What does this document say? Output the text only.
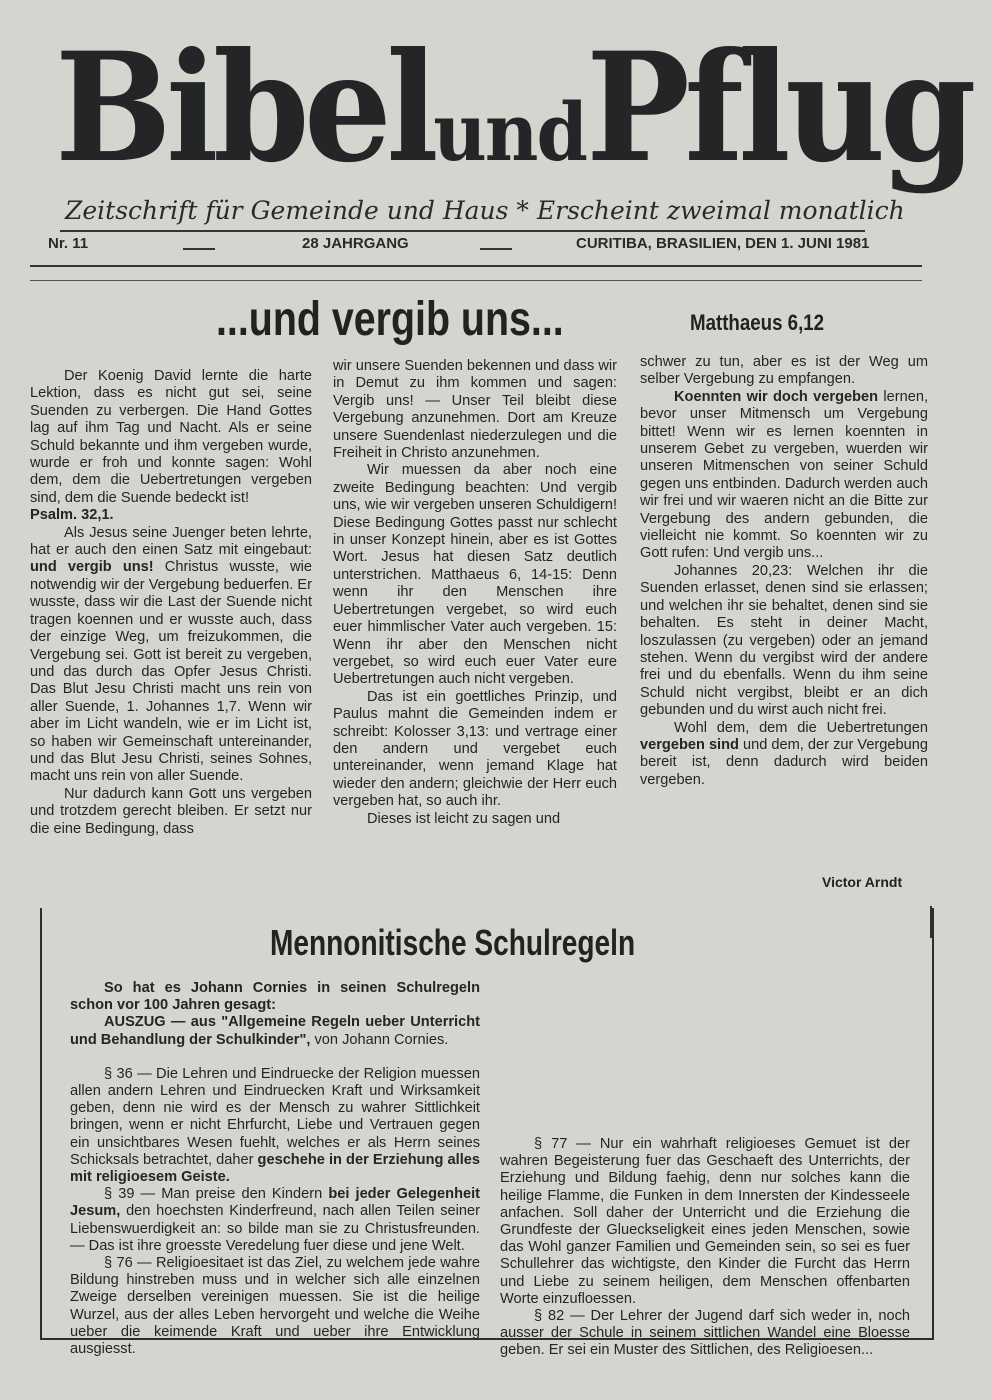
BibelundPflug
Zeitschrift für Gemeinde und Haus * Erscheint zweimal monatlich
Nr. 11	28 JAHRGANG	CURITIBA, BRASILIEN, DEN 1. JUNI 1981
...und vergib uns...	Matthaeus 6,12

Der Koenig David lernte die harte Lektion, dass es nicht gut sei, seine Suenden zu verbergen. Die Hand Gottes lag auf ihm Tag und Nacht. Als er seine Schuld bekannte und ihm vergeben wurde, wurde er froh und konnte sagen: Wohl dem, dem die Uebertretungen vergeben sind, dem die Suende bedeckt ist!

Psalm. 32,1.

Als Jesus seine Juenger beten lehrte, hat er auch den einen Satz mit eingebaut: und vergib uns! Christus wusste, wie notwendig wir der Vergebung beduerfen. Er wusste, dass wir die Last der Suende nicht tragen koennen und er wusste auch, dass der einzige Weg, um freizukommen, die Vergebung sei. Gott ist bereit zu vergeben, und das durch das Opfer Jesus Christi. Das Blut Jesu Christi macht uns rein von aller Suende, 1. Johannes 1,7. Wenn wir aber im Licht wandeln, wie er im Licht ist, so haben wir Gemeinschaft untereinander, und das Blut Jesu Christi, seines Sohnes, macht uns rein von aller Suende.

Nur dadurch kann Gott uns vergeben und trotzdem gerecht bleiben. Er setzt nur die eine Bedingung, dass

wir unsere Suenden bekennen und dass wir in Demut zu ihm kommen und sagen: Vergib uns! — Unser Teil bleibt diese Vergebung anzunehmen. Dort am Kreuze unsere Suendenlast niederzulegen und die Freiheit in Christo anzunehmen.

Wir muessen da aber noch eine zweite Bedingung beachten: Und vergib uns, wie wir vergeben unseren Schuldigern! Diese Bedingung Gottes passt nur schlecht in unser Konzept hinein, aber es ist Gottes Wort. Jesus hat diesen Satz deutlich unterstrichen. Matthaeus 6, 14-15: Denn wenn ihr den Menschen ihre Uebertretungen vergebet, so wird euch euer himmlischer Vater auch vergeben. 15: Wenn ihr aber den Menschen nicht vergebet, so wird euch euer Vater eure Uebertretungen auch nicht vergeben.

Das ist ein goettliches Prinzip, und Paulus mahnt die Gemeinden indem er schreibt: Kolosser 3,13: und vertrage einer den andern und vergebet euch untereinander, wenn jemand Klage hat wieder den andern; gleichwie der Herr euch vergeben hat, so auch ihr.

Dieses ist leicht zu sagen und

schwer zu tun, aber es ist der Weg um selber Vergebung zu empfangen.

Koennten wir doch vergeben lernen, bevor unser Mitmensch um Vergebung bittet! Wenn wir es lernen koennten in unserem Gebet zu vergeben, wuerden wir unseren Mitmenschen von seiner Schuld gegen uns entbinden. Dadurch werden auch wir frei und wir waeren nicht an die Bitte zur Vergebung des andern gebunden, die vielleicht nie kommt. So koennten wir zu Gott rufen: Und vergib uns...

Johannes 20,23: Welchen ihr die Suenden erlasset, denen sind sie erlassen; und welchen ihr sie behaltet, denen sind sie behalten. Es steht in deiner Macht, loszulassen (zu vergeben) oder an jemand stehen. Wenn du vergibst wird der andere frei und du ebenfalls. Wenn du ihm seine Schuld nicht vergibst, bleibt er an dich gebunden und du wirst auch nicht frei.

Wohl dem, dem die Uebertretungen vergeben sind und dem, der zur Vergebung bereit ist, denn dadurch wird beiden vergeben.

Victor Arndt
Mennonitische Schulregeln

So hat es Johann Cornies in seinen Schulregeln schon vor 100 Jahren gesagt:

AUSZUG — aus "Allgemeine Regeln ueber Unterricht und Behandlung der Schulkinder", von Johann Cornies.

§ 36 — Die Lehren und Eindruecke der Religion muessen allen andern Lehren und Eindruecken Kraft und Wirksamkeit geben, denn nie wird es der Mensch zu wahrer Sittlichkeit bringen, wenn er nicht Ehrfurcht, Liebe und Vertrauen gegen ein unsichtbares Wesen fuehlt, welches er als Herrn seines Schicksals betrachtet, daher geschehe in der Erziehung alles mit religioesem Geiste.

§ 39 — Man preise den Kindern bei jeder Gelegenheit Jesum, den hoechsten Kinderfreund, nach allen Teilen seiner Liebenswuerdigkeit an: so bilde man sie zu Christusfreunden. — Das ist ihre groesste Veredelung fuer diese und jene Welt.

§ 76 — Religioesitaet ist das Ziel, zu welchem jede wahre Bildung hinstreben muss und in welcher sich alle einzelnen Zweige derselben vereinigen muessen. Sie ist die heilige Wurzel, aus der alles Leben hervorgeht und welche die Weihe ueber die keimende Kraft und ueber ihre Entwicklung ausgiesst.

§ 77 — Nur ein wahrhaft religioeses Gemuet ist der wahren Begeisterung fuer das Geschaeft des Unterrichts, der Erziehung und Bildung faehig, denn nur solches kann die heilige Flamme, die Funken in dem Innersten der Kindesseele anfachen. Soll daher der Unterricht und die Erziehung die Grundfeste der Glueckseligkeit eines jeden Menschen, sowie das Wohl ganzer Familien und Gemeinden sein, so sei es fuer Schullehrer das wichtigste, den Kinder die Furcht das Herrn und Liebe zu seinem heiligen, dem Menschen offenbarten Worte einzufloessen.

§ 82 — Der Lehrer der Jugend darf sich weder in, noch ausser der Schule in seinem sittlichen Wandel eine Bloesse geben. Er sei ein Muster des Sittlichen, des Religioesen...
